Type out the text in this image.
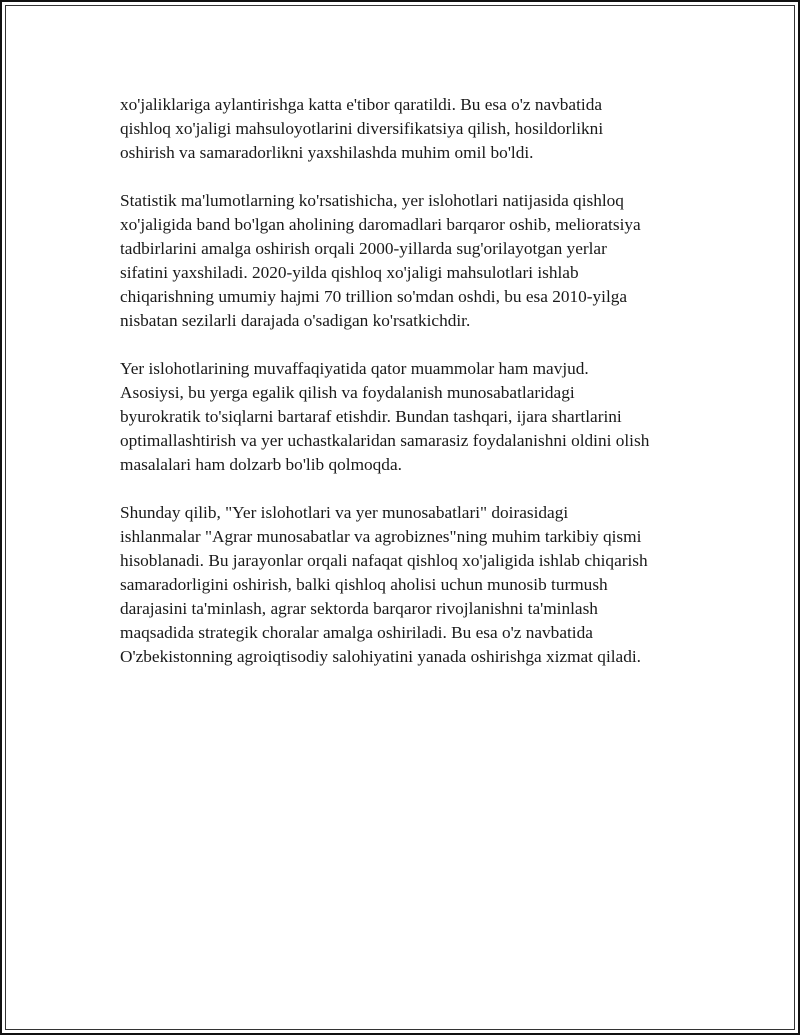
xo'jaliklariga aylantirishga katta e'tibor qaratildi. Bu esa o'z navbatida
qishloq xo'jaligi mahsuloyotlarini diversifikatsiya qilish, hosildorlikni
oshirish va samaradorlikni yaxshilashda muhim omil bo'ldi.

Statistik ma'lumotlarning ko'rsatishicha, yer islohotlari natijasida qishloq
xo'jaligida band bo'lgan aholining daromadlari barqaror oshib, melioratsiya
tadbirlarini amalga oshirish orqali 2000-yillarda sug'orilayotgan yerlar
sifatini yaxshiladi. 2020-yilda qishloq xo'jaligi mahsulotlari ishlab
chiqarishning umumiy hajmi 70 trillion so'mdan oshdi, bu esa 2010-yilga
nisbatan sezilarli darajada o'sadigan ko'rsatkichdir.

Yer islohotlarining muvaffaqiyatida qator muammolar ham mavjud.
Asosiysi, bu yerga egalik qilish va foydalanish munosabatlaridagi
byurokratik to'siqlarni bartaraf etishdir. Bundan tashqari, ijara shartlarini
optimallashtirish va yer uchastkalaridan samarasiz foydalanishni oldini olish
masalalari ham dolzarb bo'lib qolmoqda.

Shunday qilib, "Yer islohotlari va yer munosabatlari" doirasidagi
ishlanmalar "Agrar munosabatlar va agrobiznes"ning muhim tarkibiy qismi
hisoblanadi. Bu jarayonlar orqali nafaqat qishloq xo'jaligida ishlab chiqarish
samaradorligini oshirish, balki qishloq aholisi uchun munosib turmush
darajasini ta'minlash, agrar sektorda barqaror rivojlanishni ta'minlash
maqsadida strategik choralar amalga oshiriladi. Bu esa o'z navbatida
O'zbekistonning agroiqtisodiy salohiyatini yanada oshirishga xizmat qiladi.
